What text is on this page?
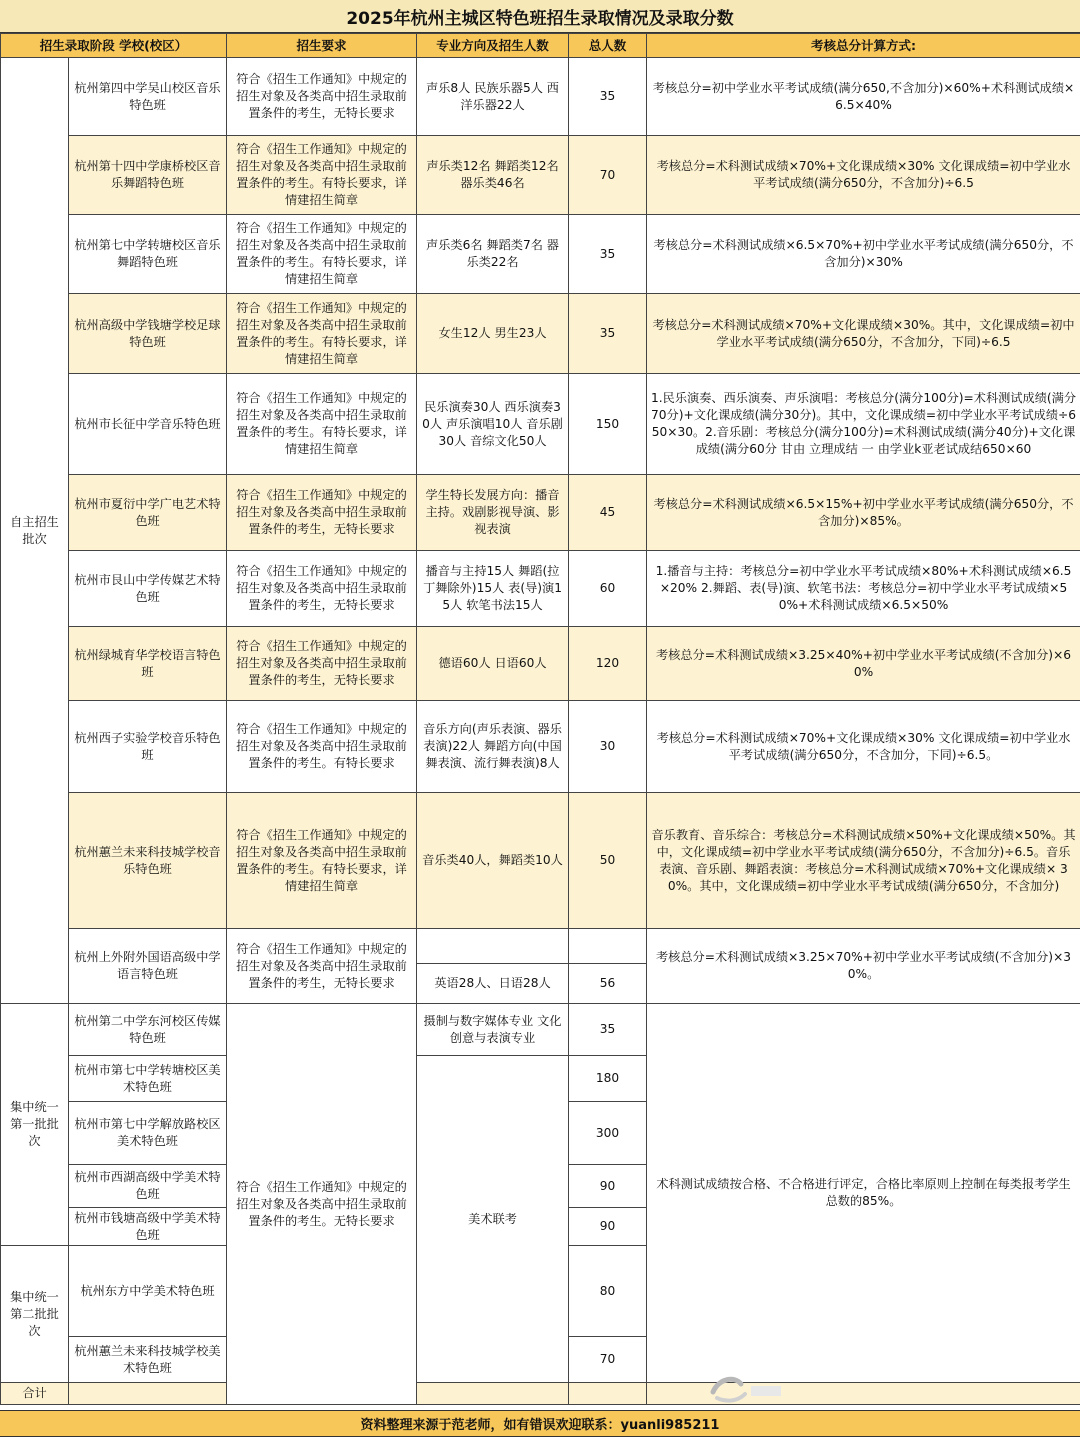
2025年杭州主城区特色班招生录取情况及录取分数
招生录取阶段 学校(校区）		招生要求	专业方向及招生人数	总人数	考核总分计算方式:	
自主招生批次	杭州第四中学吴山校区音乐特色班	符合《招生工作通知》中规定的招生对象及各类高中招生录取前置条件的考生，无特长要求	声乐8人 民族乐器5人 西洋乐器22人	35	考核总分=初中学业水平考试成绩(满分650,不含加分)×60%+术科测试成绩×6.5×40%	
	杭州第十四中学康桥校区音乐舞蹈特色班	符合《招生工作通知》中规定的招生对象及各类高中招生录取前置条件的考生。有特长要求，详情建招生简章	声乐类12名 舞蹈类12名 器乐类46名	70	考核总分=术科测试成绩×70%+文化课成绩×30% 文化课成绩=初中学业水平考试成绩(满分650分，不含加分)÷6.5	
	杭州第七中学转塘校区音乐舞蹈特色班	符合《招生工作通知》中规定的招生对象及各类高中招生录取前置条件的考生。有特长要求，详情建招生简章	声乐类6名 舞蹈类7名 器乐类22名	35	考核总分=术科测试成绩×6.5×70%+初中学业水平考试成绩(满分650分，不含加分)×30%	
	杭州高级中学钱塘学校足球特色班	符合《招生工作通知》中规定的招生对象及各类高中招生录取前置条件的考生。有特长要求，详情建招生简章	女生12人 男生23人	35	考核总分=术科测试成绩×70%+文化课成绩×30%。其中，文化课成绩=初中学业水平考试成绩(满分650分，不含加分，下同)÷6.5	
	杭州市长征中学音乐特色班	符合《招生工作通知》中规定的招生对象及各类高中招生录取前置条件的考生。有特长要求，详情建招生简章	民乐演奏30人 西乐演奏30人 声乐演唱10人 音乐剧30人 音综文化50人	150	1.民乐演奏、西乐演奏、声乐演唱：考核总分(满分100分)=术科测试成绩(满分70分)+文化课成绩(满分30分)。其中，文化课成绩=初中学业水平考试成绩÷650×30。2.音乐剧：考核总分(满分100分)=术科测试成绩(满分40分)+文化课成绩(满分60分 甘由 立理成结 一 由学业k亚老试成结650×60	
	杭州市夏衍中学广电艺术特色班	符合《招生工作通知》中规定的招生对象及各类高中招生录取前置条件的考生，无特长要求	学生特长发展方向：播音主持。戏剧影视导演、影视表演	45	考核总分=术科测试成绩×6.5×15%+初中学业水平考试成绩(满分650分，不含加分)×85%。	
	杭州市艮山中学传媒艺术特色班	符合《招生工作通知》中规定的招生对象及各类高中招生录取前置条件的考生，无特长要求	播音与主持15人 舞蹈(拉丁舞除外)15人 表(导)演15人 软笔书法15人	60	1.播音与主持：考核总分=初中学业水平考试成绩×80%+术科测试成绩×6.5×20% 2.舞蹈、表(导)演、软笔书法：考核总分=初中学业水平考试成绩×50%+术科测试成绩×6.5×50%	
	杭州绿城育华学校语言特色班	符合《招生工作通知》中规定的招生对象及各类高中招生录取前置条件的考生，无特长要求	德语60人 日语60人	120	考核总分=术科测试成绩×3.25×40%+初中学业水平考试成绩(不含加分)×60%	
	杭州西子实验学校音乐特色班	符合《招生工作通知》中规定的招生对象及各类高中招生录取前置条件的考生。有特长要求	音乐方向(声乐表演、器乐表演)22人 舞蹈方向(中国舞表演、流行舞表演)8人	30	考核总分=术科测试成绩×70%+文化课成绩×30% 文化课成绩=初中学业水平考试成绩(满分650分，不含加分，下同)÷6.5。	
	杭州蕙兰未来科技城学校音乐特色班	符合《招生工作通知》中规定的招生对象及各类高中招生录取前置条件的考生。有特长要求，详情建招生简章	音乐类40人，舞蹈类10人	50	音乐教育、音乐综合：考核总分=术科测试成绩×50%+文化课成绩×50%。其中，文化课成绩=初中学业水平考试成绩(满分650分，不含加分)÷6.5。音乐表演、音乐剧、舞蹈表演：考核总分=术科测试成绩×70%+文化课成绩× 30%。其中，文化课成绩=初中学业水平考试成绩(满分650分，不含加分)	
	杭州上外附外国语高级中学语言特色班	符合《招生工作通知》中规定的招生对象及各类高中招生录取前置条件的考生，无特长要求			考核总分=术科测试成绩×3.25×70%+初中学业水平考试成绩(不含加分)×30%。	
			英语28人、日语28人	56		
集中统一第一批批次	杭州第二中学东河校区传媒特色班	符合《招生工作通知》中规定的招生对象及各类高中招生录取前置条件的考生。无特长要求	摄制与数字媒体专业 文化创意与表演专业	35	术科测试成绩按合格、不合格进行评定，合格比率原则上控制在每类报考学生总数的85%。	
	杭州市第七中学转塘校区美术特色班		美术联考	180		
	杭州市第七中学解放路校区美术特色班			300		
	杭州市西湖高级中学美术特色班			90		
	杭州市钱塘高级中学美术特色班			90		
集中统一第二批批次	杭州东方中学美术特色班			80		
	杭州蕙兰未来科技城学校美术特色班			70		
合计						
资料整理来源于范老师，如有错误欢迎联系：yuanli985211
